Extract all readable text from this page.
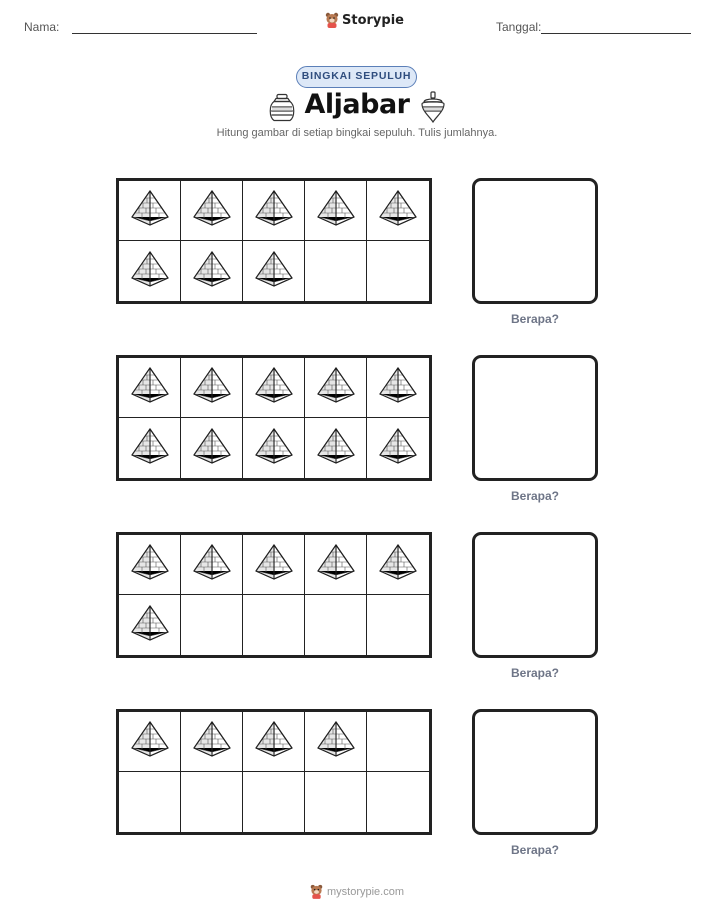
Nama:	Storypie	Tanggal:
BINGKAI SEPULUH
Aljabar
Hitung gambar di setiap bingkai sepuluh. Tulis jumlahnya.
Berapa?
Berapa?
Berapa?
Berapa?
mystorypie.com
